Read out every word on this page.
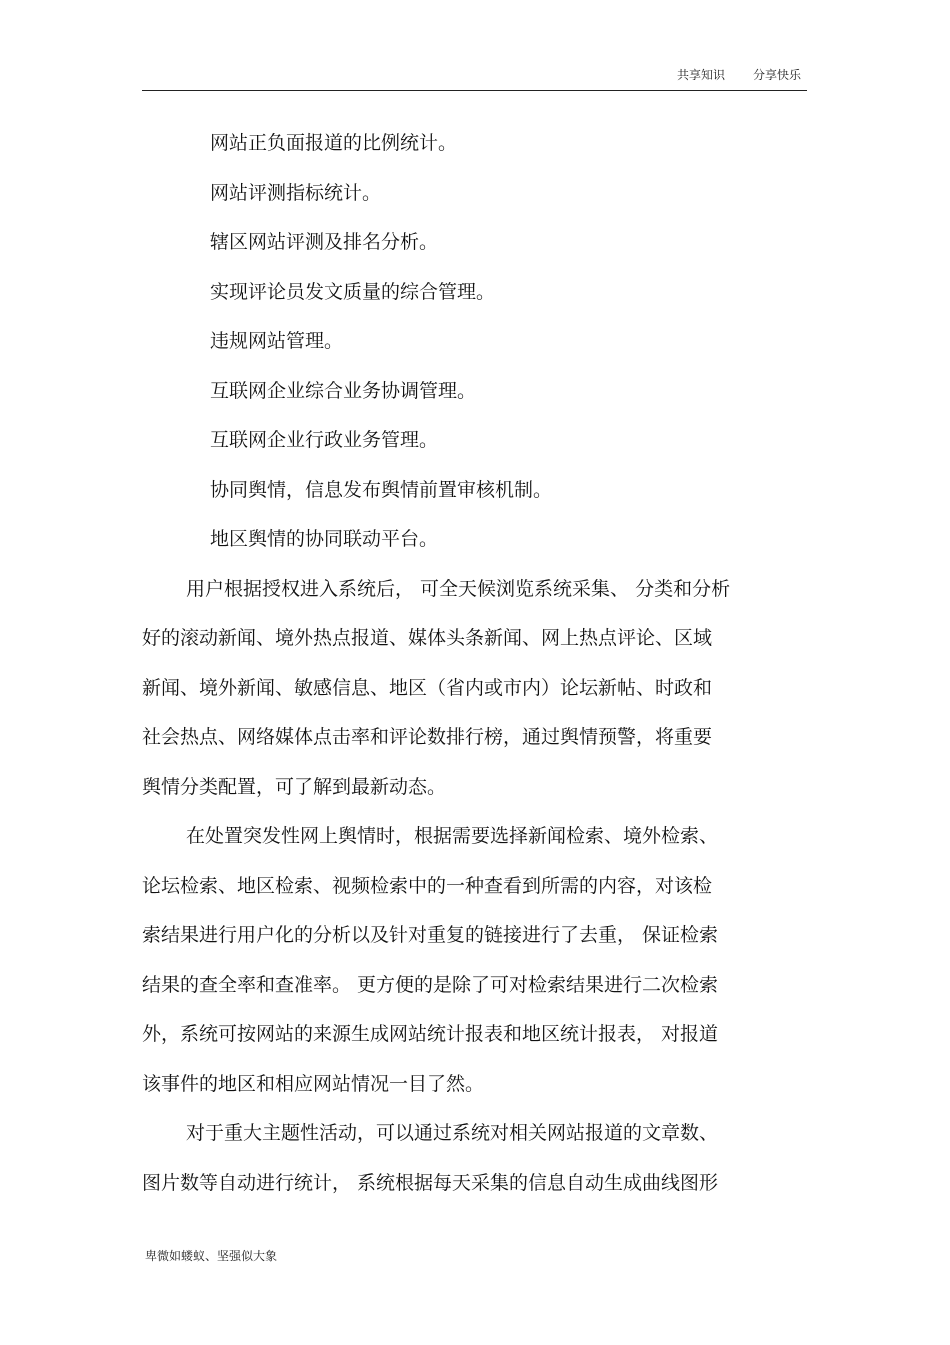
共享知识 分享快乐
网站正负面报道的比例统计。
网站评测指标统计。
辖区网站评测及排名分析。
实现评论员发文质量的综合管理。
违规网站管理。
互联网企业综合业务协调管理。
互联网企业行政业务管理。
协同舆情，信息发布舆情前置审核机制。
地区舆情的协同联动平台。
用户根据授权进入系统后， 可全天候浏览系统采集、 分类和分析
好的滚动新闻、境外热点报道、媒体头条新闻、网上热点评论、区域
新闻、境外新闻、敏感信息、地区（省内或市内）论坛新帖、时政和
社会热点、网络媒体点击率和评论数排行榜，通过舆情预警，将重要
舆情分类配置，可了解到最新动态。
在处置突发性网上舆情时，根据需要选择新闻检索、境外检索、
论坛检索、地区检索、视频检索中的一种查看到所需的内容，对该检
索结果进行用户化的分析以及针对重复的链接进行了去重， 保证检索
结果的查全率和查准率。 更方便的是除了可对检索结果进行二次检索
外，系统可按网站的来源生成网站统计报表和地区统计报表， 对报道
该事件的地区和相应网站情况一目了然。
对于重大主题性活动，可以通过系统对相关网站报道的文章数、
图片数等自动进行统计， 系统根据每天采集的信息自动生成曲线图形
卑微如蝼蚁、坚强似大象
